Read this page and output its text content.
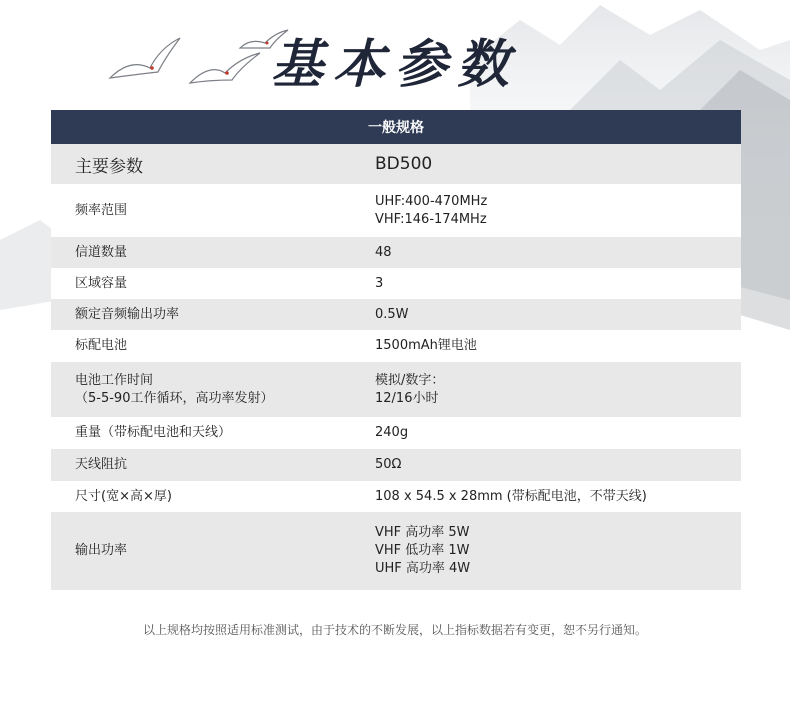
基本参数
一般规格	
主要参数	BD500

频率范围	UHF:400-470MHz
VHF:146-174MHz

信道数量	48

区域容量	3

额定音频输出功率	0.5W

标配电池	1500mAh锂电池

电池工作时间
（5-5-90工作循环，高功率发射）	模拟/数字：
12/16小时

重量（带标配电池和天线）	240g

天线阻抗	50Ω

尺寸(宽×高×厚)	108 x 54.5 x 28mm (带标配电池，不带天线)

输出功率	VHF 高功率 5W
VHF 低功率 1W
UHF 高功率 4W
以上规格均按照适用标准测试，由于技术的不断发展，以上指标数据若有变更，恕不另行通知。
